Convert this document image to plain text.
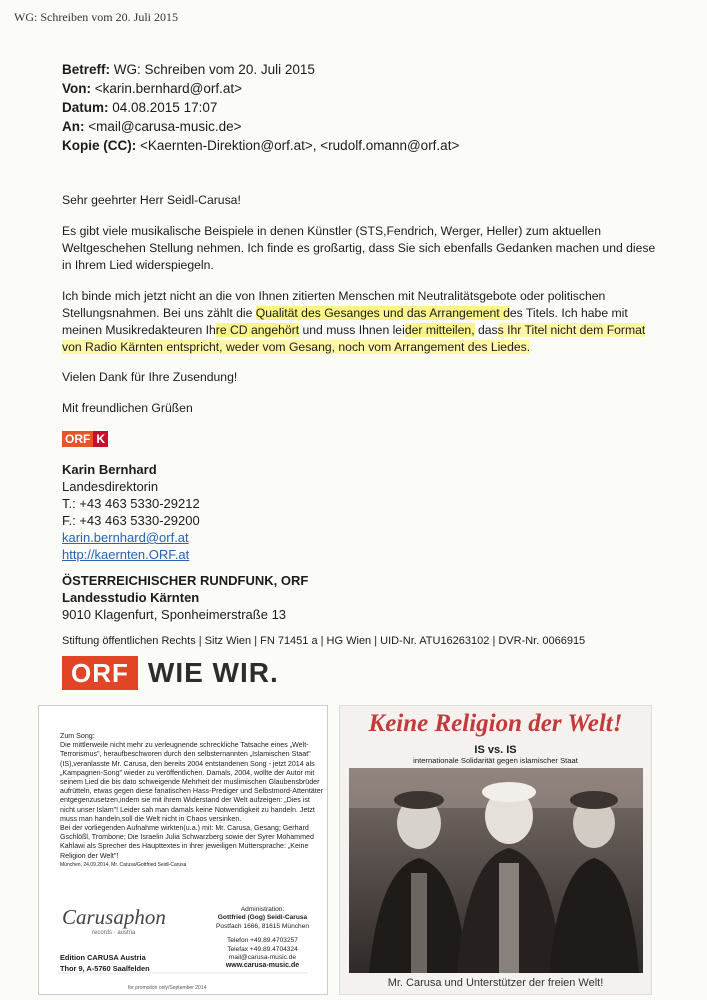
WG: Schreiben vom 20. Juli 2015
Betreff: WG: Schreiben vom 20. Juli 2015
Von: <karin.bernhard@orf.at>
Datum: 04.08.2015 17:07
An: <mail@carusa-music.de>
Kopie (CC): <Kaernten-Direktion@orf.at>, <rudolf.omann@orf.at>
Sehr geehrter Herr Seidl-Carusa!
Es gibt viele musikalische Beispiele in denen Künstler (STS,Fendrich, Werger, Heller) zum aktuellen Weltgeschehen Stellung nehmen. Ich finde es großartig, dass Sie sich ebenfalls Gedanken machen und diese in Ihrem Lied widerspiegeln.
Ich binde mich jetzt nicht an die von Ihnen zitierten Menschen mit Neutralitätsgebote oder politischen Stellungsnahmen. Bei uns zählt die Qualität des Gesanges und das Arrangement des Titels. Ich habe mit meinen Musikredakteuren Ihre CD angehört und muss Ihnen leider mitteilen, dass Ihr Titel nicht dem Format von Radio Kärnten entspricht, weder vom Gesang, noch vom Arrangement des Liedes.
Vielen Dank für Ihre Zusendung!
Mit freundlichen Grüßen
ORF K
Karin Bernhard
Landesdirektorin
T.: +43 463 5330-29212
F.: +43 463 5330-29200
karin.bernhard@orf.at
http://kaernten.ORF.at
ÖSTERREICHISCHER RUNDFUNK, ORF
Landesstudio Kärnten
9010 Klagenfurt, Sponheimerstraße 13
Stiftung öffentlichen Rechts | Sitz Wien | FN 71451 a | HG Wien | UID-Nr. ATU16263102 | DVR-Nr. 0066915
ORF WIE WIR.
Zum Song:
Die mittlerweile nicht mehr zu verleugnende schreckliche Tatsache eines „Welt-Terrorismus", heraufbeschworen durch den selbsternannten „Islamischen Staat" (IS),veranlasste Mr. Carusa, den bereits 2004 entstandenen Song - jetzt 2014 als „Kampagnen-Song" wieder zu veröffentlichen. Damals, 2004, wollte der Autor mit seinem Lied die bis dato schweigende Mehrheit der muslimischen Glaubensbrüder aufrütteln, etwas gegen diese fanatischen Hass-Prediger und Selbstmord-Attentäter entgegenzusetzen,indem sie mit ihrem Widerstand der Welt aufzeigen: „Dies ist nicht unser Islam"! Leider sah man damals keine Notwendigkeit zu handeln. Jetzt muss man handeln,soll die Welt nicht in Chaos versinken.
Bei der vorliegenden Aufnahme wirkten(u.a.) mit: Mr. Carusa, Gesang; Gerhard Gschlößl, Trombone; Die Israelin Julia Schwarzberg sowie der Syrer Mohammed Kahlawi als Sprecher des Haupttextes in ihrer jeweiligen Muttersprache: „Keine Religion der Welt"!
München, 24.09.2014, Mr. Carusa/Gottfried Seidl-Carusa
Carusaphon
records · austria
Edition CARUSA Austria
Thor 9, A-5760 Saalfelden
Administration:
Gottfried (Gog) Seidl-Carusa
Postfach 1666, 81615 München
Telefon +49.89.4703257
Telefax +49.89.4704324
mail@carusa-music.de
www.carusa-music.de
for promotion only/September 2014
Keine Religion der Welt!
IS vs. IS
internationale Solidarität gegen islamischer Staat
Mr. Carusa und Unterstützer der freien Welt!
